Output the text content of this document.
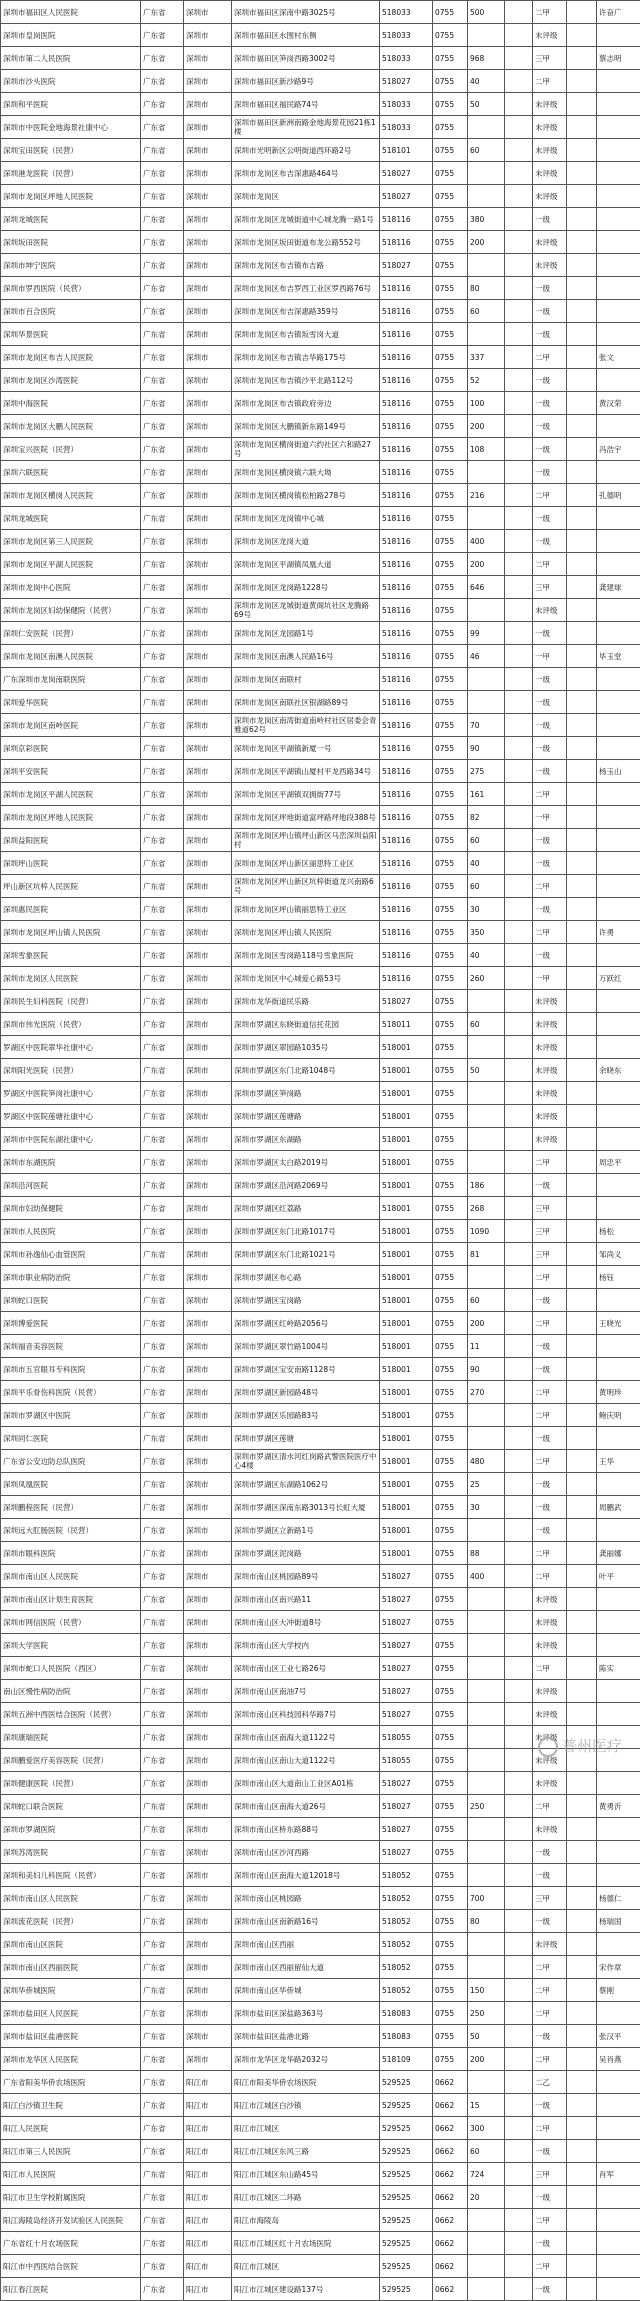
深圳市福田区人民医院	广东省	深圳市	深圳市福田区深南中路3025号	518033	0755	500		二甲		许奋广
深圳市皇岗医院	广东省	深圳市	深圳市福田区水围村东侧	518033	0755			未评级		
深圳市第二人民医院	广东省	深圳市	深圳市福田区笋岗西路3002号	518033	0755	968		三甲		蔡志明
深圳市沙头医院	广东省	深圳市	深圳市福田区新沙路9号	518027	0755	40		二甲		
深圳和平医院	广东省	深圳市	深圳市福田区福民路74号	518033	0755	50		未评级		
深圳市中医院金地海景社康中心	广东省	深圳市	深圳市福田区新洲南路金地海景花园21栋1楼	518033	0755			未评级		
深圳宝田医院（民营）	广东省	深圳市	深圳市光明新区公明街道西环路2号	518101	0755	60		未评级		
深圳港龙医院（民营）	广东省	深圳市	深圳市龙岗区布吉深惠路464号	518027	0755			未评级		
深圳市龙岗区坪地人民医院	广东省	深圳市	深圳市龙岗区	518027	0755			未评级		
深圳龙城医院	广东省	深圳市	深圳市龙岗区龙城街道中心城龙腾一路1号	518116	0755	380		一级		
深圳坂田医院	广东省	深圳市	深圳市龙岗区坂田街道布龙公路552号	518116	0755	200		未评级		
深圳市坤宁医院	广东省	深圳市	深圳市龙岗区布吉镇布吉路	518027	0755			未评级		
深圳市罗西医院（民营）	广东省	深圳市	深圳市龙岗区布吉罗西工业区罗西路76号	518116	0755	80		一级		
深圳市百合医院	广东省	深圳市	深圳市龙岗区布吉深惠路359号	518116	0755	60		一级		
深圳华景医院	广东省	深圳市	深圳市龙岗区布吉镇坂雪岗大道	518116	0755			一级		
深圳市龙岗区布吉人民医院	广东省	深圳市	深圳市龙岗区布吉镇吉华路175号	518116	0755	337		二甲		张文
深圳市龙岗区沙湾医院	广东省	深圳市	深圳市龙岗区布吉镇沙平北路112号	518116	0755	52		一级		
深圳中海医院	广东省	深圳市	深圳市龙岗区布吉镇政府旁边	518116	0755	100		一级		黄汉荣
深圳市龙岗区大鹏人民医院	广东省	深圳市	深圳市龙岗区大鹏镇新东路149号	518116	0755	200		一级		
深圳宝兴医院（民营）	广东省	深圳市	深圳市龙岗区横岗街道六约社区六和路27号	518116	0755	108		一级		冯浩宇
深圳六联医院	广东省	深圳市	深圳市龙岗区横岗镇六联大坳	518116	0755			一级		
深圳市龙岗区横岗人民医院	广东省	深圳市	深圳市龙岗区横岗镇松柏路278号	518116	0755	216		二甲		孔德明
深圳龙城医院	广东省	深圳市	深圳市龙岗区龙岗镇中心城	518116	0755			一级		
深圳市龙岗区第三人民医院	广东省	深圳市	深圳市龙岗区龙岗大道	518116	0755	400		一级		
深圳市龙岗区平湖人民医院	广东省	深圳市	深圳市龙岗区平湖镇凤凰大道	518116	0755	200		二甲		
深圳市龙岗中心医院	广东省	深圳市	深圳市龙岗区龙岗路1228号	518116	0755	646		三甲		龚建球
深圳市龙岗区妇幼保健院（民营）	广东省	深圳市	深圳市龙岗区龙城街道黄阁坑社区龙腾路69号	518116	0755			未评级		
深圳仁安医院（民营）	广东省	深圳市	深圳市龙岗区龙园路1号	518116	0755	99		一级		
深圳市龙岗区南澳人民医院	广东省	深圳市	深圳市龙岗区南澳人民路16号	518116	0755	46		一甲		毕玉堂
广东深圳市龙岗南联医院	广东省	深圳市	深圳市龙岗区南联村	518116	0755			一级		
深圳爱华医院	广东省	深圳市	深圳市龙岗区南联社区银湖路89号	518116	0755			一级		
深圳市龙岗区南岭医院	广东省	深圳市	深圳市龙岗区南湾街道南岭村社区居委会青雅道62号	518116	0755	70		一级		
深圳京彩医院	广东省	深圳市	深圳市龙岗区平湖镇新厦一号	518116	0755	90		一级		
深圳平安医院	广东省	深圳市	深圳市龙岗区平湖镇山厦村平龙西路34号	518116	0755	275		一级		杨玉山
深圳市龙岗区平湖人民医院	广东省	深圳市	深圳市龙岗区平湖镇双拥街77号	518116	0755	161		二甲		
深圳市龙岗区坪地人民医院	广东省	深圳市	深圳市龙岗区坪地街道富坪路坪地段388号	518116	0755	82		一甲		
深圳益阳医院	广东省	深圳市	深圳市龙岗区坪山镇坪山新区马峦深圳益阳村	518116	0755	60		一级		
深圳坪山医院	广东省	深圳市	深圳市龙岗区坪山新区丽思特工业区	518116	0755	40		一级		
坪山新区坑梓人民医院	广东省	深圳市	深圳市龙岗区坪山新区坑梓街道龙兴南路6号	518116	0755	60		二甲		
深圳惠民医院	广东省	深圳市	深圳市龙岗区坪山镇丽思特工业区	518116	0755	30		一级		
深圳市龙岗区坪山镇人民医院	广东省	深圳市	深圳市龙岗区坪山镇人民医院	518116	0755	350		二甲		许勇
深圳雪象医院	广东省	深圳市	深圳市龙岗区雪岗路118号雪象医院	518116	0755	40		一级		
深圳市龙岗区人民医院	广东省	深圳市	深圳市龙岗区中心城爱心路53号	518116	0755	260		一甲		万跃红
深圳民生妇科医院（民营）	广东省	深圳市	深圳市龙华街道民乐路	518027	0755			未评级		
深圳市伟光医院（民营）	广东省	深圳市	深圳市罗湖区东晓街道信托花园	518011	0755	60		未评级		
罗湖区中医院翠华社康中心	广东省	深圳市	深圳市罗湖区翠园路1035号	518001	0755			未评级		
深圳阳光医院（民营）	广东省	深圳市	深圳市罗湖区东门北路1048号	518001	0755	50		未评级		余晓东
罗湖区中医院笋岗社康中心	广东省	深圳市	深圳市罗湖区笋岗路	518001	0755			未评级		
罗湖区中医院莲塘社康中心	广东省	深圳市	深圳市罗湖区莲塘路	518001	0755			未评级		
深圳市中医院东湖社康中心	广东省	深圳市	深圳市罗湖区东湖路	518001	0755			未评级		
深圳市东湖医院	广东省	深圳市	深圳市罗湖区太白路2019号	518001	0755			二甲		周忠平
深圳沿河医院	广东省	深圳市	深圳市罗湖区沿河路2069号	518001	0755	186		一级		
深圳市妇幼保健院	广东省	深圳市	深圳市罗湖区红荔路	518001	0755	268		三甲		
深圳市人民医院	广东省	深圳市	深圳市罗湖区东门北路1017号	518001	0755	1090		三甲		杨松
深圳市孙逸仙心血管医院	广东省	深圳市	深圳市罗湖区东门北路1021号	518001	0755	81		三甲		邹尚义
深圳市职业病防治院	广东省	深圳市	深圳市罗湖区布心路	518001	0755			二甲		杨钰
深圳蛇口医院	广东省	深圳市	深圳市罗湖区宝岗路	518001	0755	60		一级		
深圳博爱医院	广东省	深圳市	深圳市罗湖区红岭路2056号	518001	0755	200		二甲		王晓光
深圳福音美容医院	广东省	深圳市	深圳市罗湖区翠竹路1004号	518001	0755	11		一级		
深圳市五官眼耳专科医院	广东省	深圳市	深圳市罗湖区宝安南路1128号	518001	0755	90		一级		
深圳平乐骨伤科医院（民营）	广东省	深圳市	深圳市罗湖区新园路48号	518001	0755	270		二甲		黄明珍
深圳市罗湖区中医院	广东省	深圳市	深圳市罗湖区乐园路83号	518001	0755			二甲		鲍庆明
深圳同仁医院	广东省	深圳市	深圳市罗湖区莲塘	518001	0755			一级		
广东省公安边防总队医院	广东省	深圳市	深圳市罗湖区清水河红岗路武警医院医疗中心4楼	518001	0755	480		二甲		王华
深圳凤凰医院	广东省	深圳市	深圳市罗湖区东湖路1062号	518001	0755	25		一级		
深圳鹏程医院（民营）	广东省	深圳市	深圳市罗湖区深南东路3013号长虹大厦	518001	0755	30		一级		周鹏武
深圳远大肛肠医院（民营）	广东省	深圳市	深圳市罗湖区立新路1号	518001	0755			一级		
深圳市眼科医院	广东省	深圳市	深圳市罗湖区泥岗路	518001	0755	88		二甲		龚丽娜
深圳市南山区人民医院	广东省	深圳市	深圳市南山区桃园路89号	518027	0755	400		二甲		叶平
深圳市南山区计划生育医院	广东省	深圳市	深圳市南山区南兴路11	518027	0755			未评级		
深圳市网信医院（民营）	广东省	深圳市	深圳市南山区大冲街道8号	518027	0755			未评级		
深圳大学医院	广东省	深圳市	深圳市南山区大学校内	518027	0755			未评级		
深圳市蛇口人民医院（西区）	广东省	深圳市	深圳市南山区工业七路26号	518027	0755			二甲		陈实
南山区慢性病防治院	广东省	深圳市	深圳市南山区南油7号	518027	0755			未评级		
深圳五洲中西医结合医院（民营）	广东省	深圳市	深圳市南山区科技园科华路7号	518027	0755			未评级		
深圳康瑞医院	广东省	深圳市	深圳市南山区南海大道1122号	518055	0755			未评级		
深圳鹏爱医疗美容医院（民营）	广东省	深圳市	深圳市南山区南山大道1122号	518055	0755			未评级		
深圳健康医院（民营）	广东省	深圳市	深圳市南山区大道南山工业区A01栋	518027	0755			未评级		
深圳蛇口联合医院	广东省	深圳市	深圳市南山区南海大道26号	518027	0755	250		二甲		黄勇沂
深圳市罗湖医院	广东省	深圳市	深圳市南山区桥东路88号	518027	0755			未评级		
深圳苏湾医院	广东省	深圳市	深圳市南山区沙河西路	518027	0755			一级		
深圳和美妇儿科医院（民营）	广东省	深圳市	深圳市南山区南海大道12018号	518052	0755			一级		
深圳市南山区人民医院	广东省	深圳市	深圳市南山区桃园路	518052	0755	700		三甲		杨德仁
深圳流花医院（民营）	广东省	深圳市	深圳市南山区南新路16号	518052	0755	80		一级		杨瑞国
深圳市南山区医院	广东省	深圳市	深圳市南山区西丽	518052	0755			未评级		
深圳市南山区西丽医院	广东省	深圳市	深圳市南山区西丽留仙大道	518052	0755			二甲		宋作章
深圳华侨城医院	广东省	深圳市	深圳市南山区华侨城	518052	0755	150		二甲		蔡刚
深圳市盐田区人民医院	广东省	深圳市	深圳市盐田区深盐路363号	518083	0755	250		二甲		
深圳市盐田区盐港医院	广东省	深圳市	深圳市盐田区盐港北路	518083	0755	50		一级		张汉平
深圳市龙华区人民医院	广东省	深圳市	深圳市龙华区龙华路2032号	518109	0755	200		二甲		吴肖燕
广东省阳美华侨农场医院	广东省	阳江市	阳江市阳美华侨农场医院	529525	0662			二乙		
阳江白沙镇卫生院	广东省	阳江市	阳江市江城区白沙镇	529525	0662	15		一级		
阳江人民医院	广东省	阳江市	阳江市江城区	529525	0662	300		二甲		
阳江市第三人民医院	广东省	阳江市	阳江市江城区东风三路	529525	0662	60		一级		
阳江市人民医院	广东省	阳江市	阳江市江城区东山路45号	529525	0662	724		三甲		肖军
阳江市卫生学校附属医院	广东省	阳江市	阳江市江城区二环路	529525	0662	20		一级		
阳江海陵岛经济开发试验区人民医院	广东省	阳江市	阳江市海陵岛	529525	0662			二甲		
广东省红十月农场医院	广东省	阳江市	阳江市江城区红十月农场医院	529525	0662			一级		
阳江市中西医结合医院	广东省	阳江市	阳江市江城区	529525	0662			二甲		
阳江春江医院	广东省	阳江市	阳江市江城区建设路137号	529525	0662			一级		
普州医疗
